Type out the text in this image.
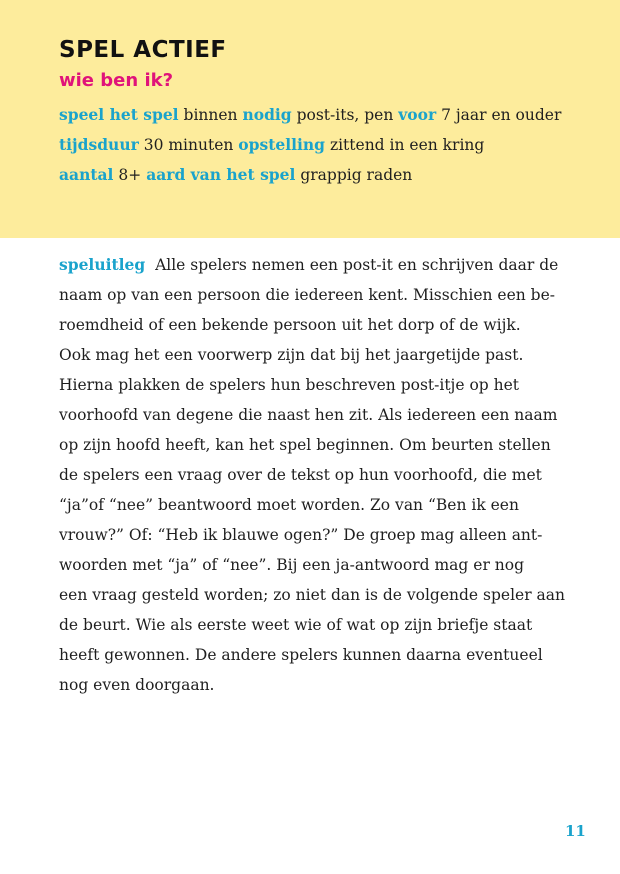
SPEL ACTIEF
wie ben ik?
speel het spel binnen nodig post-its, pen voor 7 jaar en ouder
tijdsduur 30 minuten opstelling zittend in een kring
aantal 8+ aard van het spel grappig raden
speluitleg Alle spelers nemen een post-it en schrijven daar de
naam op van een persoon die iedereen kent. Misschien een be-
roemdheid of een bekende persoon uit het dorp of de wijk.
Ook mag het een voorwerp zijn dat bij het jaargetijde past.
Hierna plakken de spelers hun beschreven post-itje op het
voorhoofd van degene die naast hen zit. Als iedereen een naam
op zijn hoofd heeft, kan het spel beginnen. Om beurten stellen
de spelers een vraag over de tekst op hun voorhoofd, die met
“ja”of “nee” beantwoord moet worden. Zo van “Ben ik een
vrouw?” Of: “Heb ik blauwe ogen?” De groep mag alleen ant-
woorden met “ja” of “nee”. Bij een ja-antwoord mag er nog
een vraag gesteld worden; zo niet dan is de volgende speler aan
de beurt. Wie als eerste weet wie of wat op zijn briefje staat
heeft gewonnen. De andere spelers kunnen daarna eventueel
nog even doorgaan.
11
